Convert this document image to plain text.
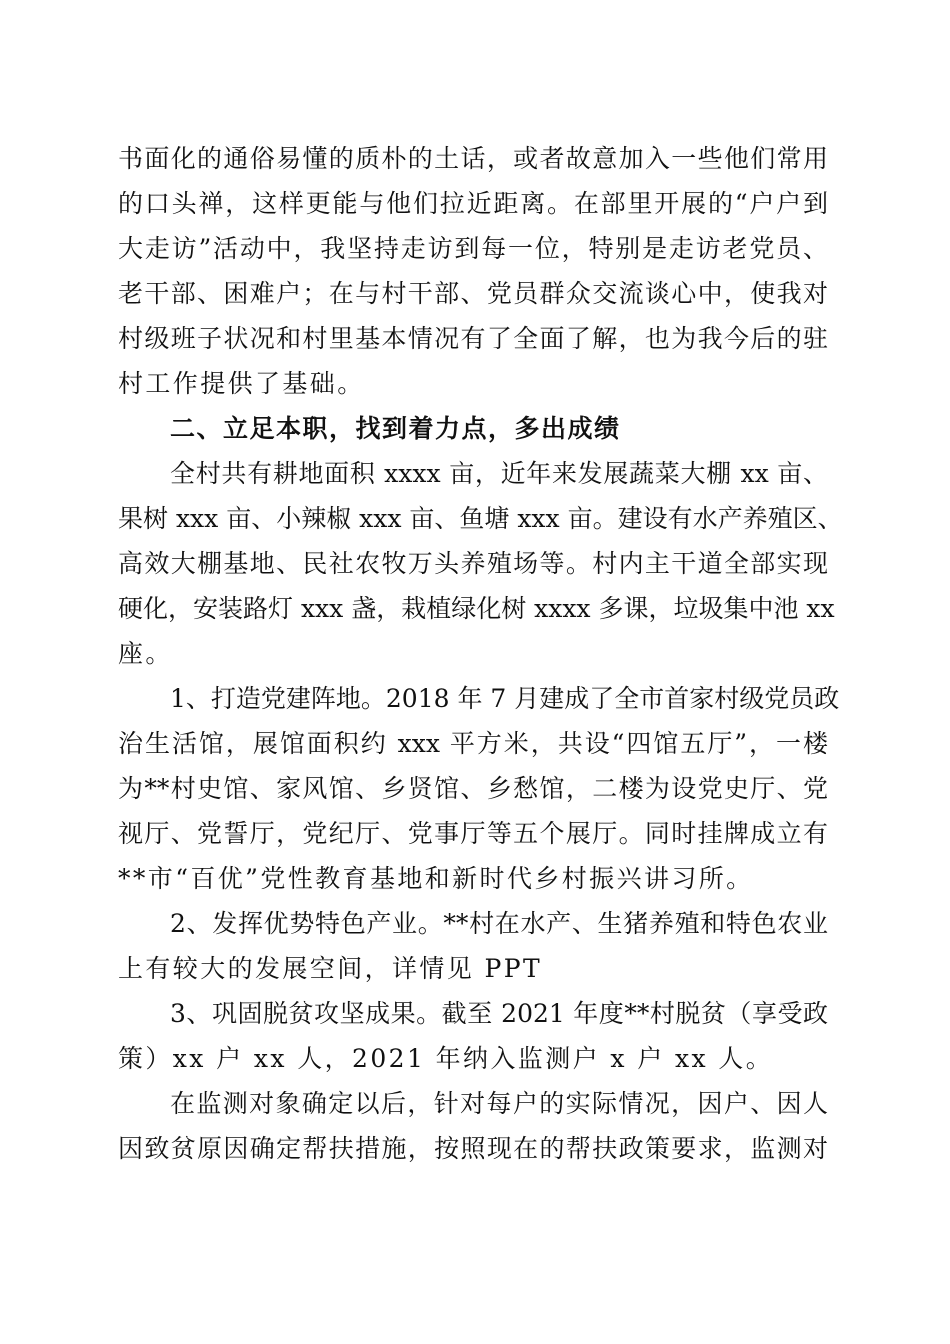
书面化的通俗易懂的质朴的土话，或者故意加入一些他们常用
的口头禅，这样更能与他们拉近距离。在部里开展的“户户到
大走访”活动中，我坚持走访到每一位，特别是走访老党员、
老干部、困难户；在与村干部、党员群众交流谈心中，使我对
村级班子状况和村里基本情况有了全面了解，也为我今后的驻
村工作提供了基础。
二、立足本职，找到着力点，多出成绩
全村共有耕地面积 xxxx 亩，近年来发展蔬菜大棚 xx 亩、
果树 xxx 亩、小辣椒 xxx 亩、鱼塘 xxx 亩。建设有水产养殖区、
高效大棚基地、民社农牧万头养殖场等。村内主干道全部实现
硬化，安装路灯 xxx 盏，栽植绿化树 xxxx 多课，垃圾集中池 xx
座。
1、打造党建阵地。2018 年 7 月建成了全市首家村级党员政
治生活馆，展馆面积约 xxx 平方米，共设“四馆五厅”，一楼
为**村史馆、家风馆、乡贤馆、乡愁馆，二楼为设党史厅、党
视厅、党誓厅，党纪厅、党事厅等五个展厅。同时挂牌成立有
**市“百优”党性教育基地和新时代乡村振兴讲习所。
2、发挥优势特色产业。**村在水产、生猪养殖和特色农业
上有较大的发展空间，详情见 PPT
3、巩固脱贫攻坚成果。截至 2021 年度**村脱贫（享受政
策）xx 户 xx 人，2021 年纳入监测户 x 户 xx 人。
在监测对象确定以后，针对每户的实际情况，因户、因人
因致贫原因确定帮扶措施，按照现在的帮扶政策要求，监测对
